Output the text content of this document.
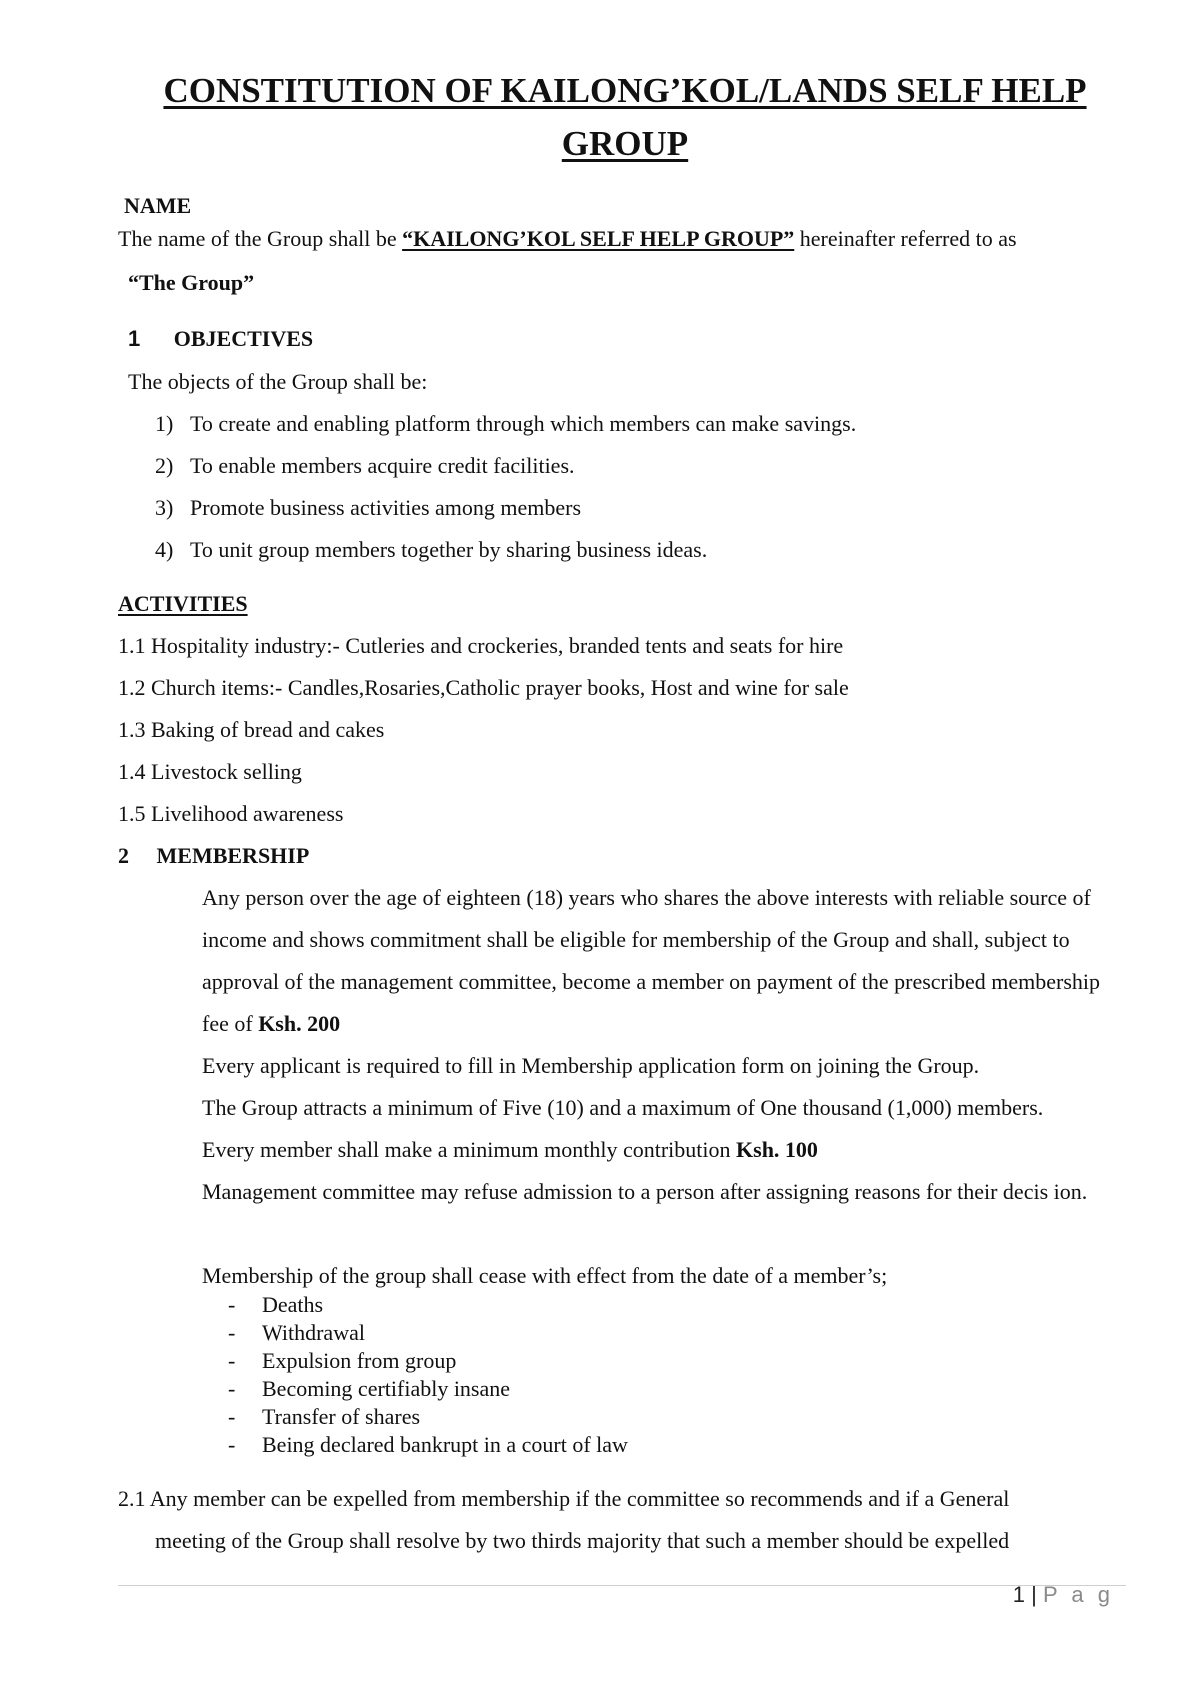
CONSTITUTION OF KAILONG’KOL/LANDS SELF HELP GROUP
NAME
The name of the Group shall be “KAILONG’KOL SELF HELP GROUP” hereinafter referred to as
“The Group”
1 OBJECTIVES
The objects of the Group shall be:
1) To create and enabling platform through which members can make savings.
2) To enable members acquire credit facilities.
3) Promote business activities among members
4) To unit group members together by sharing business ideas.
ACTIVITIES
1.1 Hospitality industry:- Cutleries and crockeries, branded tents and seats for hire
1.2 Church items:- Candles,Rosaries,Catholic prayer books, Host and wine for sale
1.3 Baking of bread and cakes
1.4 Livestock selling
1.5 Livelihood awareness
2 MEMBERSHIP
Any person over the age of eighteen (18) years who shares the above interests with reliable source of income and shows commitment shall be eligible for membership of the Group and shall, subject to approval of the management committee, become a member on payment of the prescribed membership fee of Ksh. 200
Every applicant is required to fill in Membership application form on joining the Group.
The Group attracts a minimum of Five (10) and a maximum of One thousand (1,000) members.
Every member shall make a minimum monthly contribution Ksh. 100
Management committee may refuse admission to a person after assigning reasons for their decis ion.
Membership of the group shall cease with effect from the date of a member’s;
- Deaths
- Withdrawal
- Expulsion from group
- Becoming certifiably insane
- Transfer of shares
- Being declared bankrupt in a court of law
2.1 Any member can be expelled from membership if the committee so recommends and if a General
meeting of the Group shall resolve by two thirds majority that such a member should be expelled
1 | P a g
